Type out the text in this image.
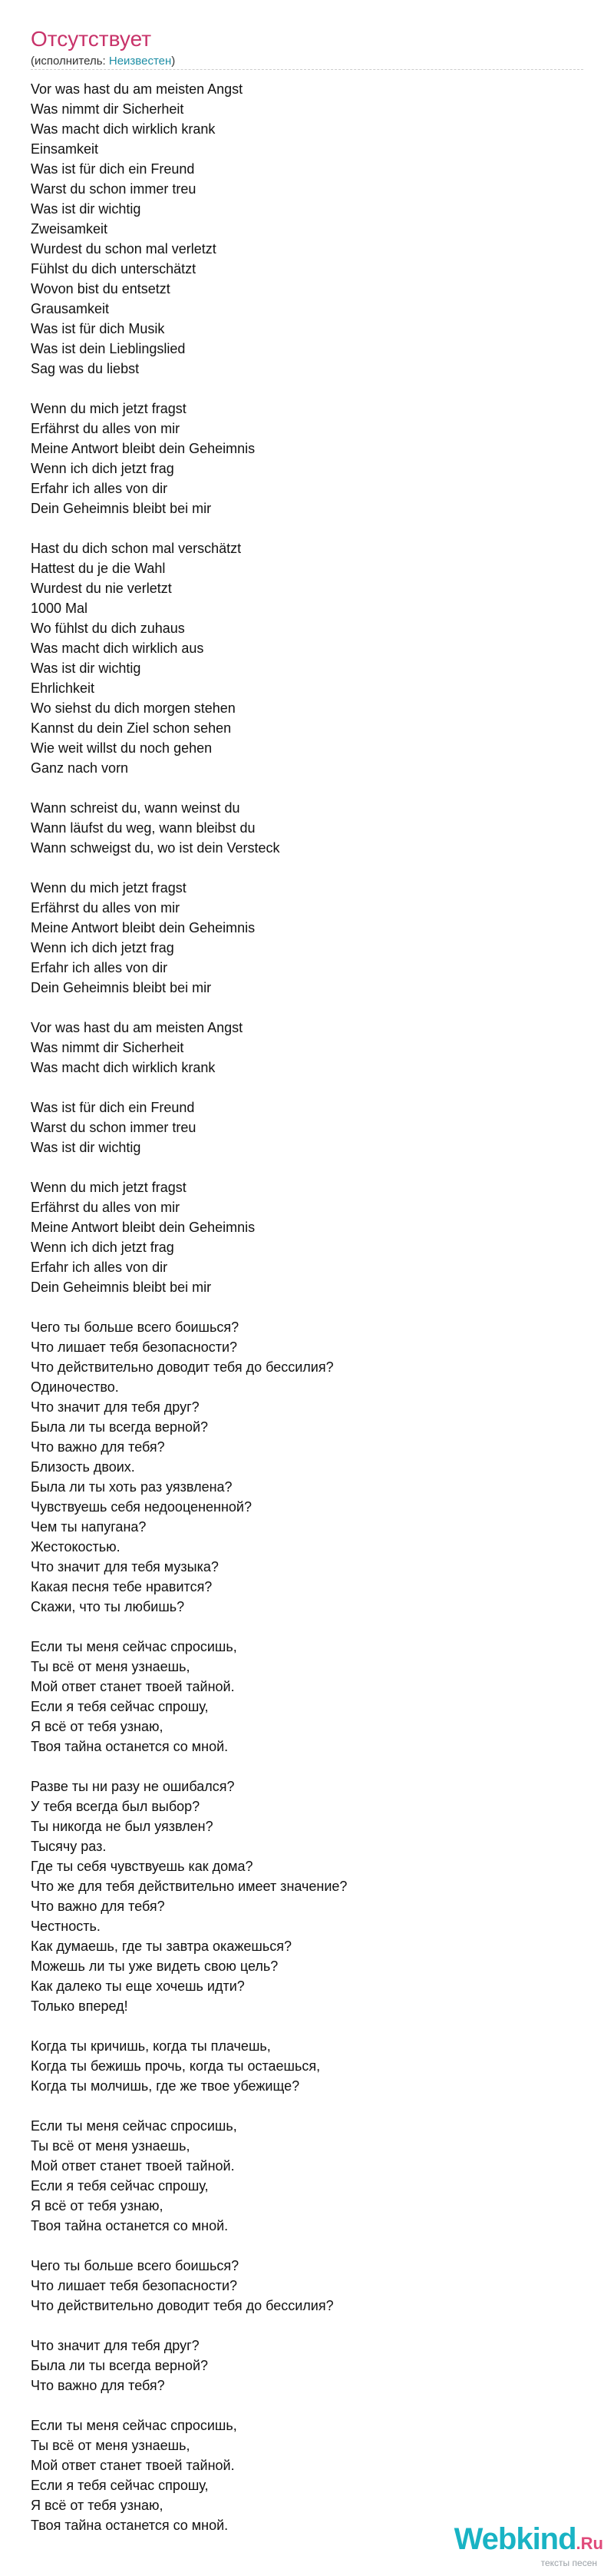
Отсутствует
(исполнитель: Неизвестен)
Vor was hast du am meisten Angst
Was nimmt dir Sicherheit
Was macht dich wirklich krank
Einsamkeit
Was ist für dich ein Freund
Warst du schon immer treu
Was ist dir wichtig
Zweisamkeit
Wurdest du schon mal verletzt
Fühlst du dich unterschätzt
Wovon bist du entsetzt
Grausamkeit
Was ist für dich Musik
Was ist dein Lieblingslied
Sag was du liebst
Wenn du mich jetzt fragst
Erfährst du alles von mir
Meine Antwort bleibt dein Geheimnis
Wenn ich dich jetzt frag
Erfahr ich alles von dir
Dein Geheimnis bleibt bei mir
Hast du dich schon mal verschätzt
Hattest du je die Wahl
Wurdest du nie verletzt
1000 Mal
Wo fühlst du dich zuhaus
Was macht dich wirklich aus
Was ist dir wichtig
Ehrlichkeit
Wo siehst du dich morgen stehen
Kannst du dein Ziel schon sehen
Wie weit willst du noch gehen
Ganz nach vorn
Wann schreist du, wann weinst du
Wann läufst du weg, wann bleibst du
Wann schweigst du, wo ist dein Versteck
Wenn du mich jetzt fragst
Erfährst du alles von mir
Meine Antwort bleibt dein Geheimnis
Wenn ich dich jetzt frag
Erfahr ich alles von dir
Dein Geheimnis bleibt bei mir
Vor was hast du am meisten Angst
Was nimmt dir Sicherheit
Was macht dich wirklich krank
Was ist für dich ein Freund
Warst du schon immer treu
Was ist dir wichtig
Wenn du mich jetzt fragst
Erfährst du alles von mir
Meine Antwort bleibt dein Geheimnis
Wenn ich dich jetzt frag
Erfahr ich alles von dir
Dein Geheimnis bleibt bei mir
Чего ты больше всего боишься?
Что лишает тебя безопасности?
Что действительно доводит тебя до бессилия?
Одиночество.
Что значит для тебя друг?
Была ли ты всегда верной?
Что важно для тебя?
Близость двоих.
Была ли ты хоть раз уязвлена?
Чувствуешь себя недооцененной?
Чем ты напугана?
Жестокостью.
Что значит для тебя музыка?
Какая песня тебе нравится?
Скажи, что ты любишь?
Если ты меня сейчас спросишь,
Ты всё от меня узнаешь,
Мой ответ станет твоей тайной.
Если я тебя сейчас спрошу,
Я всё от тебя узнаю,
Твоя тайна останется со мной.
Разве ты ни разу не ошибался?
У тебя всегда был выбор?
Ты никогда не был уязвлен?
Тысячу раз.
Где ты себя чувствуешь как дома?
Что же для тебя действительно имеет значение?
Что важно для тебя?
Честность.
Как думаешь, где ты завтра окажешься?
Можешь ли ты уже видеть свою цель?
Как далеко ты еще хочешь идти?
Только вперед!
Когда ты кричишь, когда ты плачешь,
Когда ты бежишь прочь, когда ты остаешься,
Когда ты молчишь, где же твое убежище?
Если ты меня сейчас спросишь,
Ты всё от меня узнаешь,
Мой ответ станет твоей тайной.
Если я тебя сейчас спрошу,
Я всё от тебя узнаю,
Твоя тайна останется со мной.
Чего ты больше всего боишься?
Что лишает тебя безопасности?
Что действительно доводит тебя до бессилия?
Что значит для тебя друг?
Была ли ты всегда верной?
Что важно для тебя?
Если ты меня сейчас спросишь,
Ты всё от меня узнаешь,
Мой ответ станет твоей тайной.
Если я тебя сейчас спрошу,
Я всё от тебя узнаю,
Твоя тайна останется со мной.	Webkind.Ru
тексты песен
